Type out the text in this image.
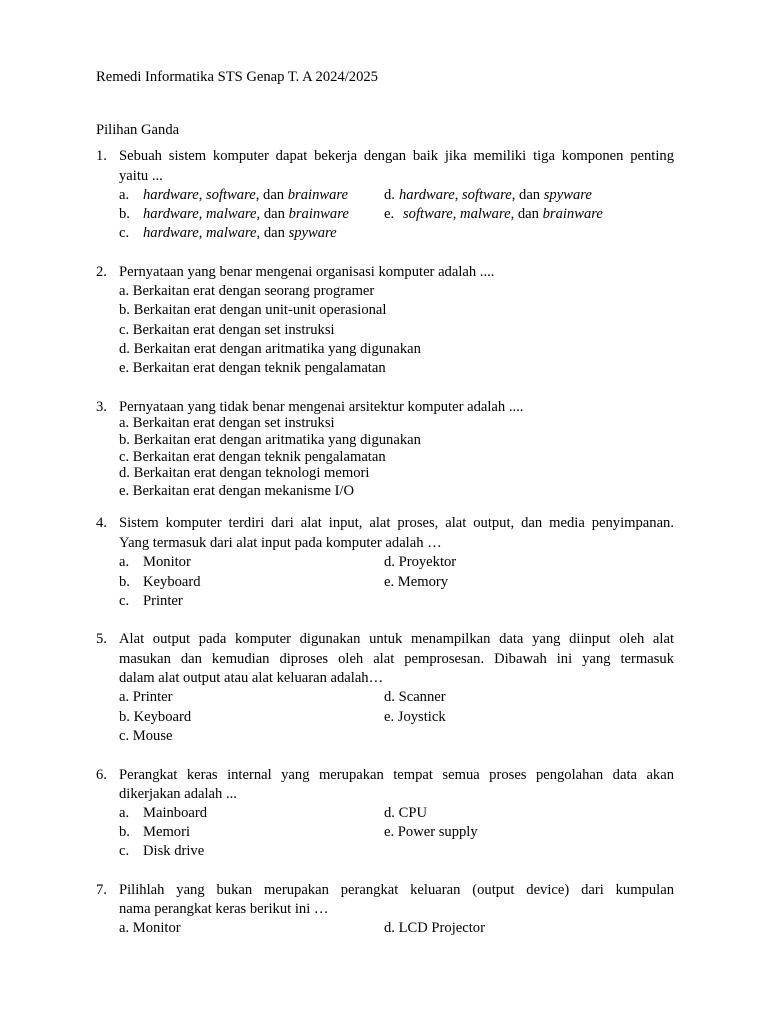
Remedi Informatika STS Genap T. A 2024/2025
Pilihan Ganda
1. Sebuah sistem komputer dapat bekerja dengan baik jika memiliki tiga komponen penting
yaitu ...
a. hardware, software, dan brainware d. hardware, software, dan spyware
b. hardware, malware, dan brainware e. software, malware, dan brainware
c. hardware, malware, dan spyware
2. Pernyataan yang benar mengenai organisasi komputer adalah ....
a. Berkaitan erat dengan seorang programer
b. Berkaitan erat dengan unit-unit operasional
c. Berkaitan erat dengan set instruksi
d. Berkaitan erat dengan aritmatika yang digunakan
e. Berkaitan erat dengan teknik pengalamatan
3. Pernyataan yang tidak benar mengenai arsitektur komputer adalah ....
a. Berkaitan erat dengan set instruksi
b. Berkaitan erat dengan aritmatika yang digunakan
c. Berkaitan erat dengan teknik pengalamatan
d. Berkaitan erat dengan teknologi memori
e. Berkaitan erat dengan mekanisme I/O
4. Sistem komputer terdiri dari alat input, alat proses, alat output, dan media penyimpanan.
Yang termasuk dari alat input pada komputer adalah …
a. Monitor	d. Proyektor
b. Keyboard	e. Memory
c. Printer
5. Alat output pada komputer digunakan untuk menampilkan data yang diinput oleh alat
masukan dan kemudian diproses oleh alat pemprosesan. Dibawah ini yang termasuk
dalam alat output atau alat keluaran adalah…
a. Printer	d. Scanner
b. Keyboard	e. Joystick
c. Mouse
6. Perangkat keras internal yang merupakan tempat semua proses pengolahan data akan
dikerjakan adalah ...
a. Mainboard	d. CPU
b. Memori	e. Power supply
c. Disk drive
7. Pilihlah yang bukan merupakan perangkat keluaran (output device) dari kumpulan
nama perangkat keras berikut ini …
a. Monitor	d. LCD Projector
